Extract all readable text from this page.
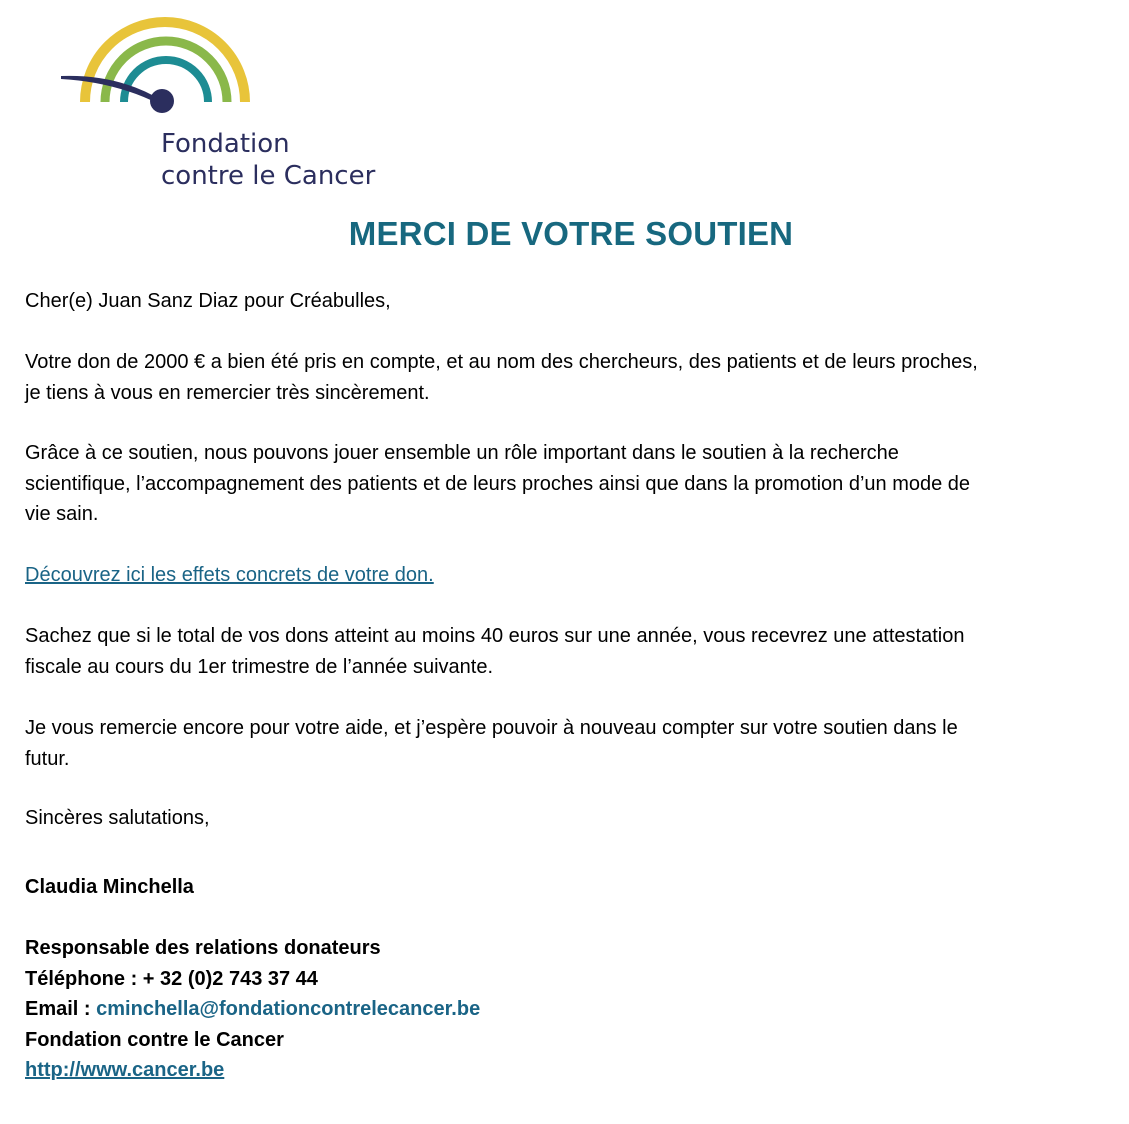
Fondation
contre le Cancer
MERCI DE VOTRE SOUTIEN

Cher(e) Juan Sanz Diaz pour Créabulles,

Votre don de 2000 € a bien été pris en compte, et au nom des chercheurs, des patients et de leurs proches,
je tiens à vous en remercier très sincèrement.
Grâce à ce soutien, nous pouvons jouer ensemble un rôle important dans le soutien à la recherche
scientifique, l’accompagnement des patients et de leurs proches ainsi que dans la promotion d’un mode de
vie sain.
Découvrez ici les effets concrets de votre don.
Sachez que si le total de vos dons atteint au moins 40 euros sur une année, vous recevrez une attestation
fiscale au cours du 1er trimestre de l’année suivante.
Je vous remercie encore pour votre aide, et j’espère pouvoir à nouveau compter sur votre soutien dans le
futur.
Sincères salutations,
Claudia Minchella
Responsable des relations donateurs
Téléphone : + 32 (0)2 743 37 44
Email : cminchella@fondationcontrelecancer.be
Fondation contre le Cancer
http://www.cancer.be
